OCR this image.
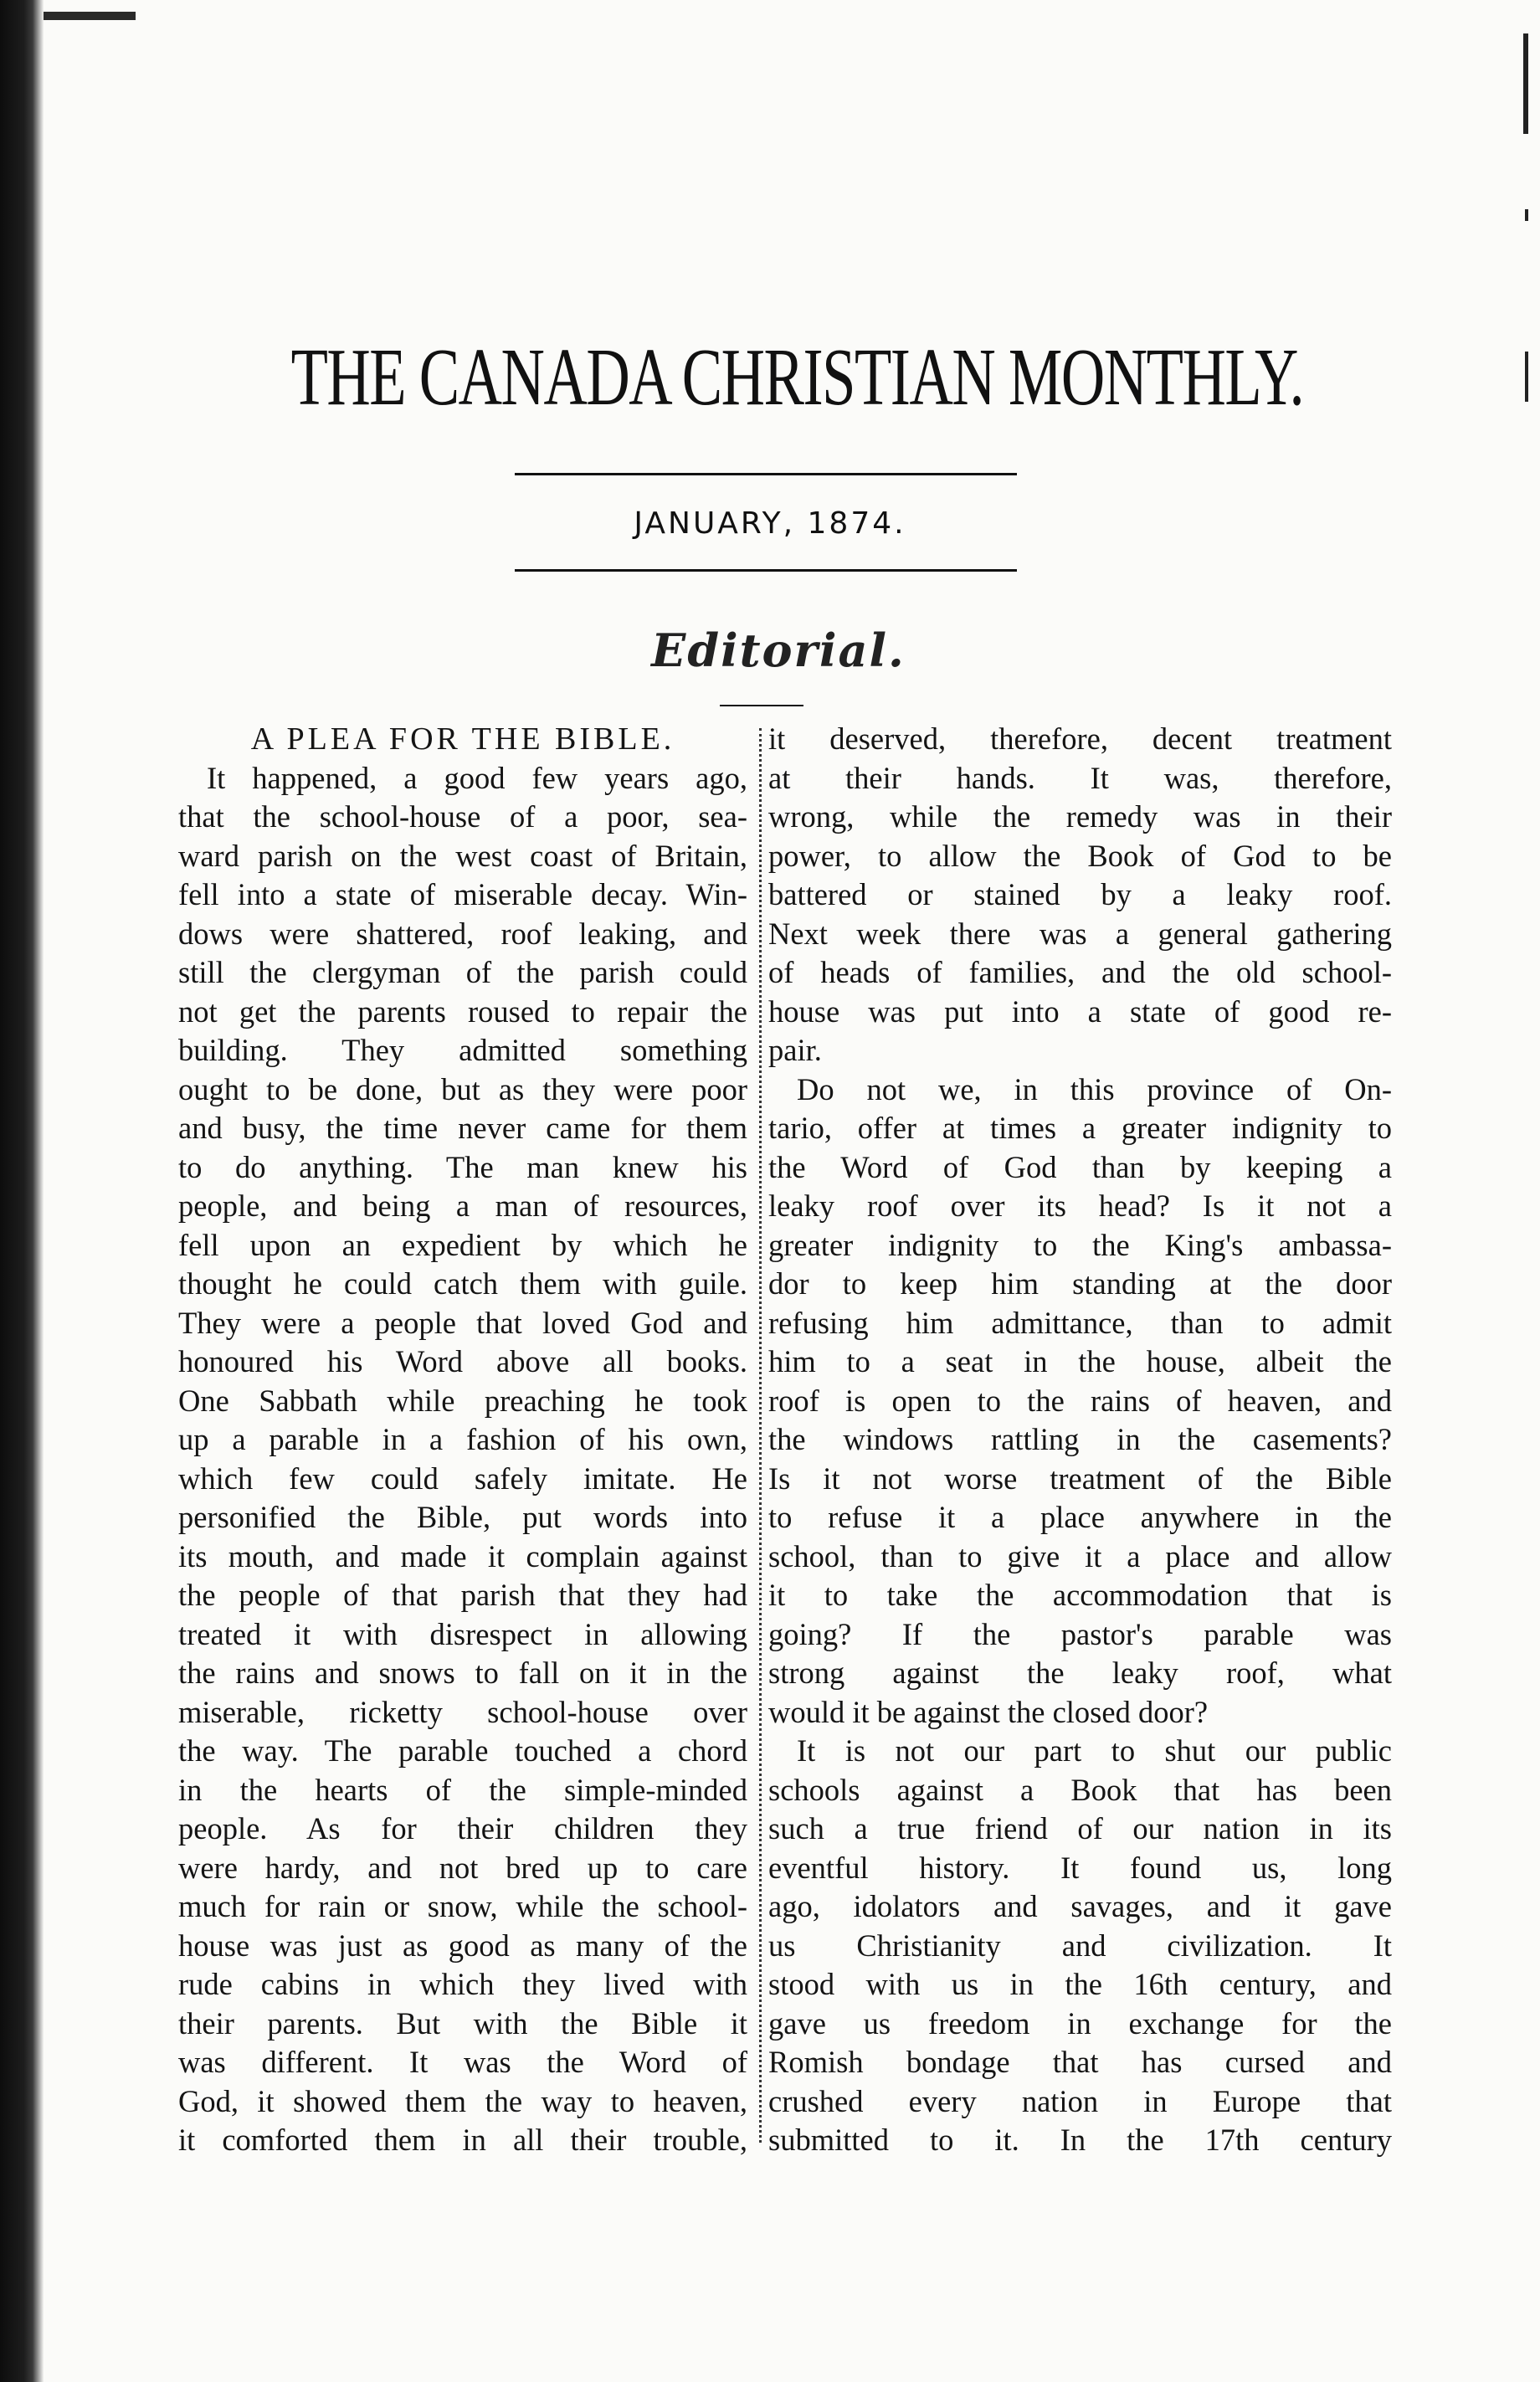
THE CANADA CHRISTIAN MONTHLY.
JANUARY, 1874.
Editorial.
A PLEA FOR THE BIBLE.
It happened, a good few years ago,
that the school-house of a poor, sea-
ward parish on the west coast of Britain,
fell into a state of miserable decay. Win-
dows were shattered, roof leaking, and
still the clergyman of the parish could
not get the parents roused to repair the
building. They admitted something
ought to be done, but as they were poor
and busy, the time never came for them
to do anything. The man knew his
people, and being a man of resources,
fell upon an expedient by which he
thought he could catch them with guile.
They were a people that loved God and
honoured his Word above all books.
One Sabbath while preaching he took
up a parable in a fashion of his own,
which few could safely imitate. He
personified the Bible, put words into
its mouth, and made it complain against
the people of that parish that they had
treated it with disrespect in allowing
the rains and snows to fall on it in the
miserable, ricketty school-house over
the way. The parable touched a chord
in the hearts of the simple-minded
people. As for their children they
were hardy, and not bred up to care
much for rain or snow, while the school-
house was just as good as many of the
rude cabins in which they lived with
their parents. But with the Bible it
was different. It was the Word of
God, it showed them the way to heaven,
it comforted them in all their trouble,
it deserved, therefore, decent treatment
at their hands. It was, therefore,
wrong, while the remedy was in their
power, to allow the Book of God to be
battered or stained by a leaky roof.
Next week there was a general gathering
of heads of families, and the old school-
house was put into a state of good re-
pair.
Do not we, in this province of On-
tario, offer at times a greater indignity to
the Word of God than by keeping a
leaky roof over its head? Is it not a
greater indignity to the King's ambassa-
dor to keep him standing at the door
refusing him admittance, than to admit
him to a seat in the house, albeit the
roof is open to the rains of heaven, and
the windows rattling in the casements?
Is it not worse treatment of the Bible
to refuse it a place anywhere in the
school, than to give it a place and allow
it to take the accommodation that is
going? If the pastor's parable was
strong against the leaky roof, what
would it be against the closed door?
It is not our part to shut our public
schools against a Book that has been
such a true friend of our nation in its
eventful history. It found us, long
ago, idolators and savages, and it gave
us Christianity and civilization. It
stood with us in the 16th century, and
gave us freedom in exchange for the
Romish bondage that has cursed and
crushed every nation in Europe that
submitted to it. In the 17th century
